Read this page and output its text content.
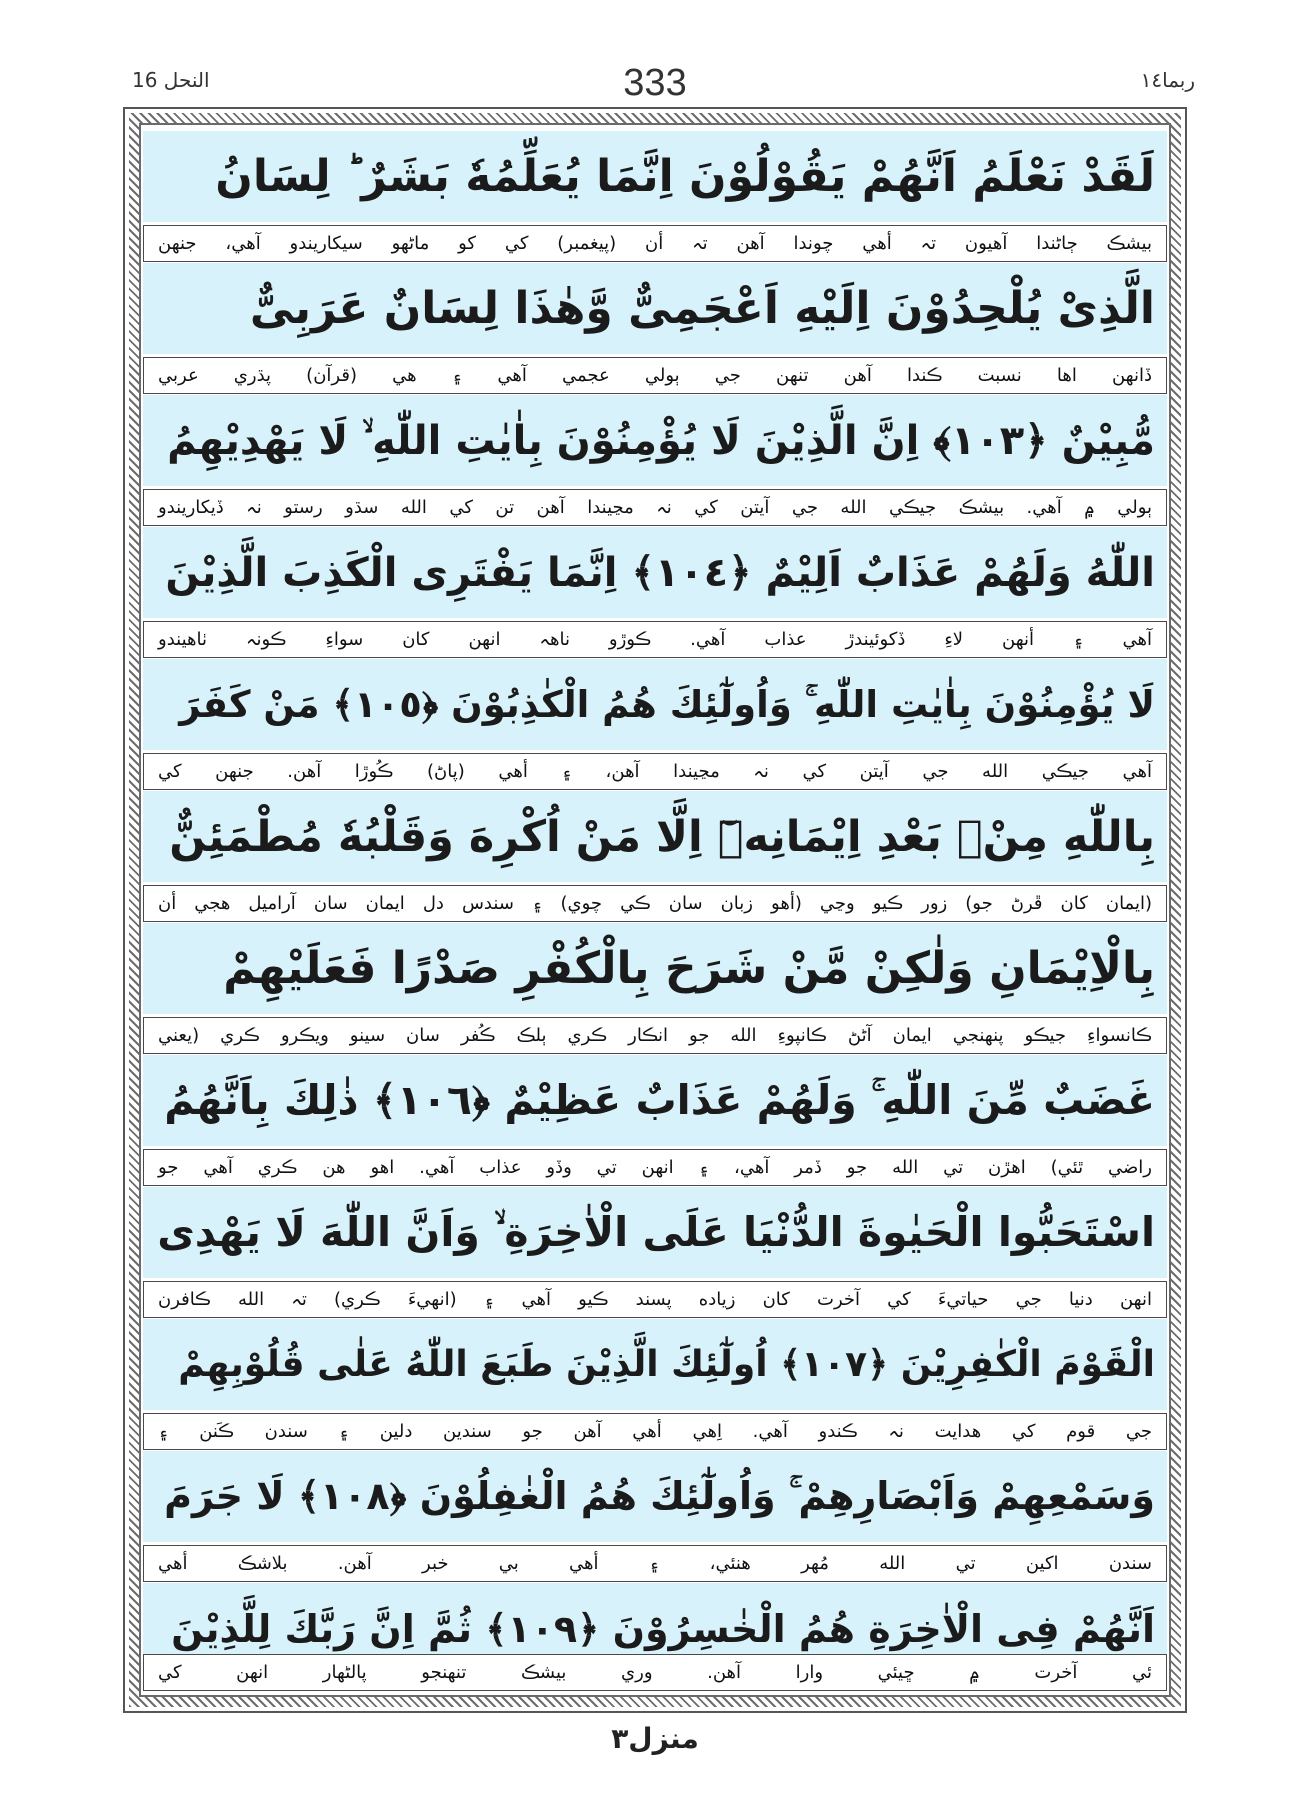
النحل 16	333	ربما١٤
لَقَدْ نَعْلَمُ اَنَّهُمْ يَقُوْلُوْنَ اِنَّمَا يُعَلِّمُهٗ بَشَرٌ ؕ لِسَانُ
بيشڪ ڄاڻندا آهيون تہ أهي چوندا آهن تہ أن (پيغمبر) کي کو ماڻهو سيکاريندو آهي، جنهن
الَّذِىْ يُلْحِدُوْنَ اِلَيْهِ اَعْجَمِىٌّ وَّهٰذَا لِسَانٌ عَرَبِىٌّ
ڏانهن اها نسبت ڪندا آهن تنهن جي ٻولي عجمي آهي ۽ هي (قرآن) پڌري عربي
مُّبِيْنٌ ﴿١٠٣﴾ اِنَّ الَّذِيْنَ لَا يُؤْمِنُوْنَ بِاٰيٰتِ اللّٰهِ ۙ لَا يَهْدِيْهِمُ
ٻولي ۾ آهي. بيشڪ جيڪي الله جي آيتن کي نہ مڃيندا آهن تن کي الله سڌو رستو نہ ڏيکاريندو
اللّٰهُ وَلَهُمْ عَذَابٌ اَلِيْمٌ ﴿١٠٤﴾ اِنَّمَا يَفْتَرِى الْكَذِبَ الَّذِيْنَ
آهي ۽ أنهن لاءِ ڏکوئيندڙ عذاب آهي. ڪوڙو ناهہ انهن کان سواءِ ڪونہ ٺاهيندو
لَا يُؤْمِنُوْنَ بِاٰيٰتِ اللّٰهِ ۚ وَاُولٰٓئِكَ هُمُ الْكٰذِبُوْنَ ﴿١٠٥﴾ مَنْ كَفَرَ
آهي جيڪي الله جي آيتن کي نہ مڃيندا آهن، ۽ أهي (پاڻ) ڪُوڙا آهن. جنهن کي
بِاللّٰهِ مِنْۢ بَعْدِ اِيْمَانِهٖٓ اِلَّا مَنْ اُكْرِهَ وَقَلْبُهٗ مُطْمَئِنٌّ
(ايمان کان ڦرڻ جو) زور ڪيو وڃي (أهو زبان سان ڪي چوي) ۽ سندس دل ايمان سان آراميل هجي أن
بِالْاِيْمَانِ وَلٰكِنْ مَّنْ شَرَحَ بِالْكُفْرِ صَدْرًا فَعَلَيْهِمْ
ڪانسواءِ جيڪو پنهنجي ايمان آڻڻ ڪانپوءِ الله جو انڪار ڪري ٻلڪ ڪُفر سان سينو ويڪرو ڪري (يعني
غَضَبٌ مِّنَ اللّٰهِ ۚ وَلَهُمْ عَذَابٌ عَظِيْمٌ ﴿١٠٦﴾ ذٰلِكَ بِاَنَّهُمُ
راضي ٿئي) اهڙن تي الله جو ڏمر آهي، ۽ انهن تي وڏو عذاب آهي. اهو هن ڪري آهي جو
اسْتَحَبُّوا الْحَيٰوةَ الدُّنْيَا عَلَى الْاٰخِرَةِ ۙ وَاَنَّ اللّٰهَ لَا يَهْدِى
انهن دنيا جي حياتيءَ کي آخرت کان زياده پسند ڪيو آهي ۽ (انهيءَ ڪري) تہ الله ڪافرن
الْقَوْمَ الْكٰفِرِيْنَ ﴿١٠٧﴾ اُولٰٓئِكَ الَّذِيْنَ طَبَعَ اللّٰهُ عَلٰى قُلُوْبِهِمْ
جي قوم کي هدايت نہ ڪندو آهي. اِهي أهي آهن جو سندين دلين ۽ سندن ڪَنن ۽
وَسَمْعِهِمْ وَاَبْصَارِهِمْ ۚ وَاُولٰٓئِكَ هُمُ الْغٰفِلُوْنَ ﴿١٠٨﴾ لَا جَرَمَ
سندن اکين تي الله مُهر هنئي، ۽ أهي بي خبر آهن. بلاشڪ أهي
اَنَّهُمْ فِى الْاٰخِرَةِ هُمُ الْخٰسِرُوْنَ ﴿١٠٩﴾ ثُمَّ اِنَّ رَبَّكَ لِلَّذِيْنَ
ئي آخرت ۾ ڇيئي وارا آهن. وري بيشڪ تنهنجو پالڻهار انهن کي
منزل٣
